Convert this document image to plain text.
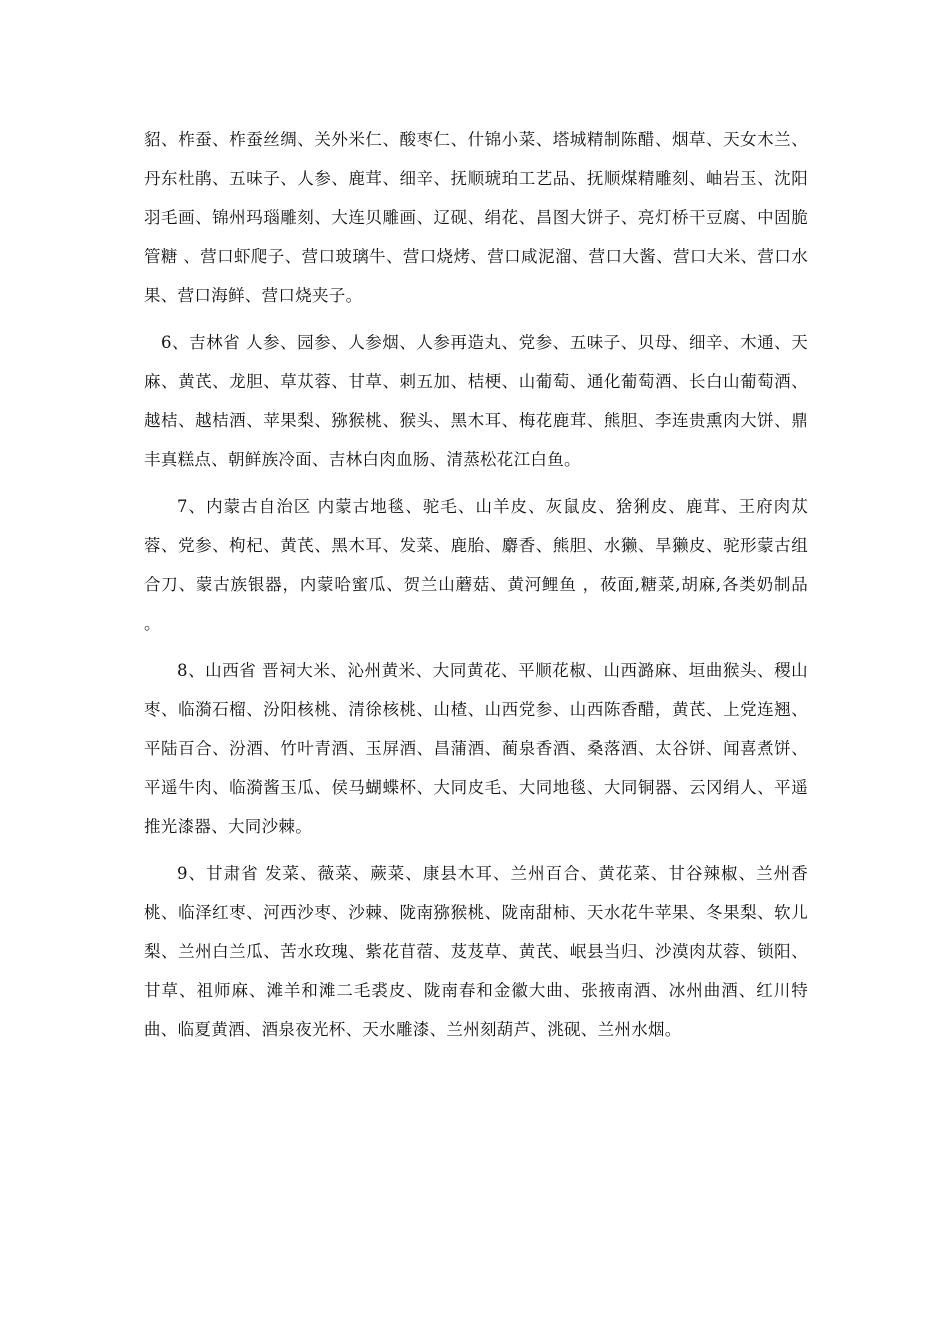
貂、柞蚕、柞蚕丝绸、关外米仁、酸枣仁、什锦小菜、塔城精制陈醋、烟草、天女木兰、丹东杜鹃、五味子、人参、鹿茸、细辛、抚顺琥珀工艺品、抚顺煤精雕刻、岫岩玉、沈阳羽毛画、锦州玛瑙雕刻、大连贝雕画、辽砚、绢花、昌图大饼子、亮灯桥干豆腐、中固脆管糖 、营口虾爬子、营口玻璃牛、营口烧烤、营口咸泥溜、营口大酱、营口大米、营口水果、营口海鲜、营口烧夹子。

6、吉林省 人参、园参、人参烟、人参再造丸、党参、五味子、贝母、细辛、木通、天麻、黄芪、龙胆、草苁蓉、甘草、刺五加、桔梗、山葡萄、通化葡萄酒、长白山葡萄酒、越桔、越桔酒、苹果梨、猕猴桃、猴头、黑木耳、梅花鹿茸、熊胆、李连贵熏肉大饼、鼎丰真糕点、朝鲜族冷面、吉林白肉血肠、清蒸松花江白鱼。

7、内蒙古自治区 内蒙古地毯、驼毛、山羊皮、灰鼠皮、猞猁皮、鹿茸、王府肉苁蓉、党参、枸杞、黄芪、黑木耳、发菜、鹿胎、麝香、熊胆、水獭、旱獭皮、驼形蒙古组合刀、蒙古族银器，内蒙哈蜜瓜、贺兰山蘑菇、黄河鲤鱼 ，莜面,糖菜,胡麻,各类奶制品 。

8、山西省 晋祠大米、沁州黄米、大同黄花、平顺花椒、山西潞麻、垣曲猴头、稷山枣、临漪石榴、汾阳核桃、清徐核桃、山楂、山西党参、山西陈香醋，黄芪、上党连翘、平陆百合、汾酒、竹叶青酒、玉屏酒、昌蒲酒、蔺泉香酒、桑落酒、太谷饼、闻喜煮饼、平遥牛肉、临漪酱玉瓜、侯马蝴蝶杯、大同皮毛、大同地毯、大同铜器、云冈绢人、平遥推光漆器、大同沙棘。

9、甘肃省 发菜、薇菜、蕨菜、康县木耳、兰州百合、黄花菜、甘谷辣椒、兰州香桃、临泽红枣、河西沙枣、沙棘、陇南猕猴桃、陇南甜柿、天水花牛苹果、冬果梨、软儿梨、兰州白兰瓜、苦水玫瑰、紫花苜蓿、芨芨草、黄芪、岷县当归、沙漠肉苁蓉、锁阳、甘草、祖师麻、滩羊和滩二毛裘皮、陇南春和金徽大曲、张掖南酒、冰州曲酒、红川特曲、临夏黄酒、酒泉夜光杯、天水雕漆、兰州刻葫芦、洮砚、兰州水烟。
